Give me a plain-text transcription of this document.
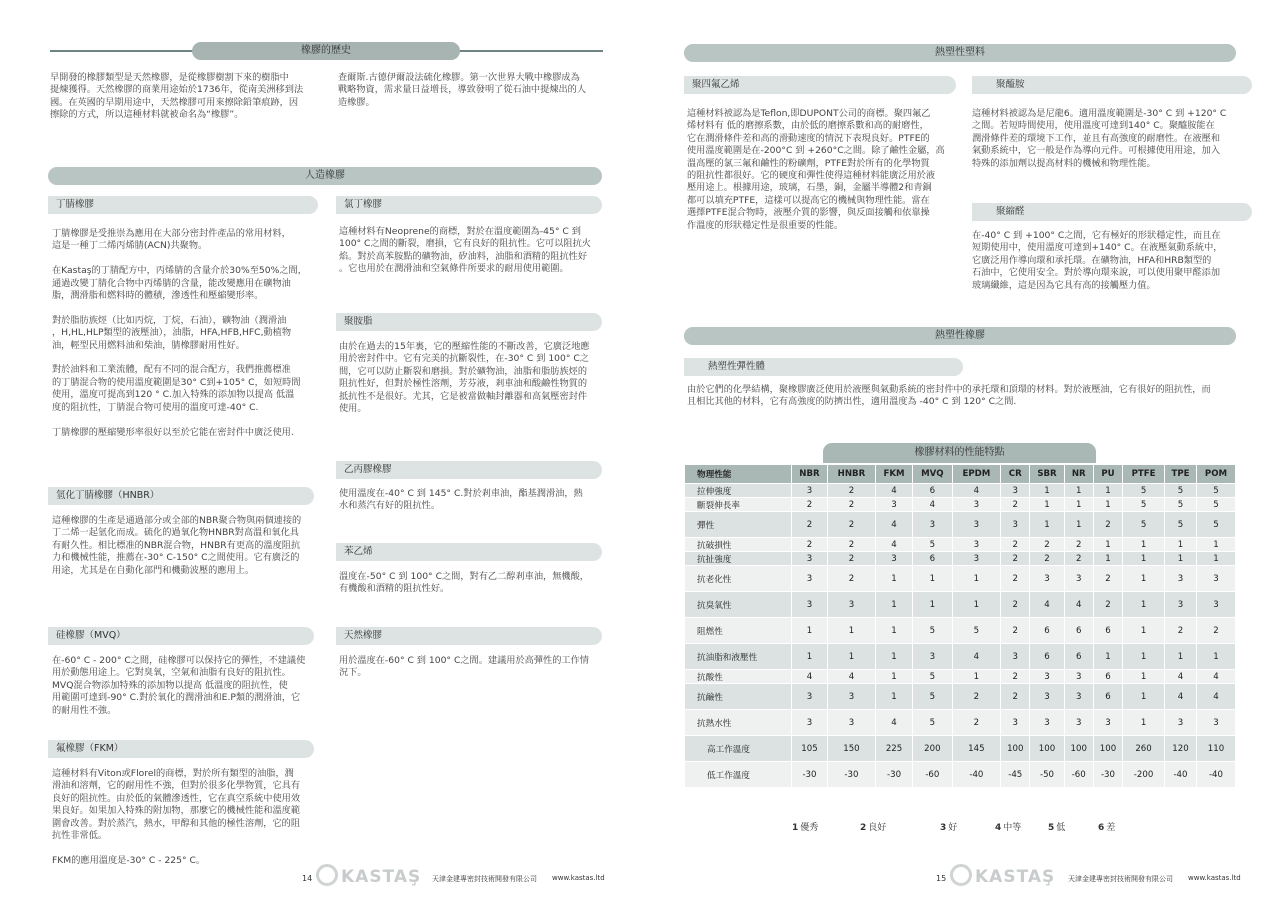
橡膠的歷史
早開發的橡膠類型是天然橡膠，是從橡膠樹割下來的樹脂中
提煉獲得。天然橡膠的商業用途始於1736年，從南美洲移到法
國。在英國的早期用途中，天然橡膠可用來擦除鉛筆痕跡，因
擦除的方式，所以這種材料就被命名為“橡膠”。
查爾斯.古德伊爾設法硫化橡膠。第一次世界大戰中橡膠成為
戰略物資，需求量日益增長，導致發明了從石油中提煉出的人
造橡膠。
人造橡膠
丁腈橡膠
丁腈橡膠是受推崇為應用在大部分密封件產品的常用材料，
這是一種丁二烯丙烯腈(ACN)共聚物。

在Kastaş的丁腈配方中，丙烯腈的含量介於30%至50%之間，
通過改變丁腈化合物中丙烯腈的含量，能改變應用在礦物油
脂，潤滑脂和燃料時的體積，滲透性和壓縮變形率。

對於脂肪族烴（比如丙烷，丁烷，石油），礦物油（潤滑油
，H,HL,HLP類型的液壓油），油脂，HFA,HFB,HFC,動植物
油，輕型民用燃料油和柴油，腈橡膠耐用性好。

對於油料和工業流體，配有不同的混合配方，我們推薦標准
的丁腈混合物的使用溫度範圍是30° C到+105° C，如短時間
使用，溫度可提高到120 ° C.加入特殊的添加物以提高 低溫
度的阻抗性，丁腈混合物可使用的溫度可達-40° C.

丁腈橡膠的壓縮變形率很好以至於它能在密封件中廣泛使用.
氯丁橡膠
這種材料有Neoprene的商標，對於在溫度範圍為-45° C 到
100° C之間的斷裂，磨損，它有良好的阻抗性。它可以阻抗火
焰。對於高苯胺點的礦物油，矽油料，油脂和酒精的阻抗性好
。它也用於在潤滑油和空氣條件所要求的耐用使用範圍。
聚胺脂
由於在過去的15年裏，它的壓縮性能的不斷改善，它廣泛地應
用於密封件中。它有完美的抗斷裂性，在-30° C 到 100° C之
間，它可以防止斷裂和磨損。對於礦物油，油脂和脂肪族烴的
阻抗性好，但對於極性溶劑，芳芬液，剎車油和酸鹼性物質的
抵抗性不是很好。尤其，它是被當做軸封離器和高氣壓密封件
使用。
乙丙膠橡膠
使用溫度在-40° C 到 145° C.對於剎車油，酯基潤滑油，熱
水和蒸汽有好的阻抗性。
氫化丁腈橡膠（HNBR）
這種橡膠的生產是通過部分或全部的NBR聚合物與兩個連接的
丁二烯一起氫化而成。硫化的過氧化物HNBR對高溫和氧化具
有耐久性。相比標准的NBR混合物，HNBR有更高的溫度阻抗
力和機械性能，推薦在-30° C-150° C之間使用。它有廣泛的
用途，尤其是在自動化部門和機動波壓的應用上。
苯乙烯
溫度在-50° C 到 100° C之間，對有乙二醇剎車油，無機酸，
有機酸和酒精的阻抗性好。
硅橡膠（MVQ）
在-60° C - 200° C之間，硅橡膠可以保持它的彈性，不建議使
用於動態用途上。它對臭氧，空氣和油脂有良好的阻抗性。
MVQ混合物添加特殊的添加物以提高 低溫度的阻抗性，使
用範圍可達到-90° C.對於氧化的潤滑油和E.P類的潤滑油，它
的耐用性不強。
天然橡膠
用於溫度在-60° C 到 100° C之間。建議用於高彈性的工作情
況下。
氟橡膠（FKM）
這種材料有Viton或Florel的商標，對於所有類型的油脂，潤
滑油和溶劑，它的耐用性不強，但對於很多化學物質，它具有
良好的阻抗性。由於低的氣體滲透性，它在真空系統中使用效
果良好。如果加入特殊的附加物，那麼它的機械性能和溫度範
圍會改善。對於蒸汽，熱水，甲醇和其他的極性溶劑，它的阻
抗性非常低。

FKM的應用溫度是-30° C - 225° C。
14	KASTAŞ 天津金建專密封技術開發有限公司 www.kastas.ltd
熱塑性塑料
聚四氟乙烯
這種材料被認為是Teflon,即DUPONT公司的商標。聚四氟乙
烯材料有 低的磨擦系數，由於低的磨擦系數和高的耐磨性，
它在潤滑條件差和高的滑動速度的情況下表現良好。PTFE的
使用溫度範圍是在-200°C 到 +260°C之間。除了鹼性金屬，高
溫高壓的氯三氟和鹼性的粉礦劑，PTFE對於所有的化學物質
的阻抗性都很好。它的硬度和彈性使得這種材料能廣泛用於液
壓用途上。根據用途，玻璃，石墨，銅，金屬半導體2和青銅
都可以填充PTFE，這樣可以提高它的機械與物理性能。當在
選擇PTFE混合物時，液壓介質的影響，與反面接觸和依靠操
作溫度的形狀穩定性是很重要的性能。
聚醯胺
這種材料被認為是尼龍6。適用溫度範圍是-30° C 到 +120° C
之間。若短時間使用，使用溫度可達到140° C。聚醯胺能在
潤滑條件差的環境下工作，並且有高強度的耐磨性。在液壓和
氣動系統中，它一般是作為導向元件。可根據使用用途，加入
特殊的添加劑以提高材料的機械和物理性能。
聚縮醛
在-40° C 到 +100° C之間，它有極好的形狀穩定性，而且在
短期使用中，使用溫度可達到+140° C。在液壓氣動系統中，
它廣泛用作導向環和承托環。在礦物油，HFA和HRB類型的
石油中，它使用安全。對於導向環來說，可以使用聚甲醛添加
玻璃纖維，這是因為它具有高的接觸壓力值。
熱塑性橡膠
熱塑性彈性體
由於它們的化學結構，聚橡膠廣泛使用於液壓與氣動系統的密封件中的承托環和頂環的材料。對於液壓油，它有很好的阻抗性，而
且相比其他的材料，它有高強度的防擠出性，適用溫度為 -40° C 到 120° C之間.
橡膠材料的性能特點
物理性能	NBR	HNBR	FKM	MVQ	EPDM	CR	SBR	NR	PU	PTFE	TPE	POM
拉伸強度	3	2	4	6	4	3	1	1	1	5	5	5
斷裂伸長率	2	2	3	4	3	2	1	1	1	5	5	5
彈性	2	2	4	3	3	3	1	1	2	5	5	5
抗破損性	2	2	4	5	3	2	2	2	1	1	1	1
抗扯強度	3	2	3	6	3	2	2	2	1	1	1	1
抗老化性	3	2	1	1	1	2	3	3	2	1	3	3
抗臭氧性	3	3	1	1	1	2	4	4	2	1	3	3
阻燃性	1	1	1	5	5	2	6	6	6	1	2	2
抗油脂和液壓性	1	1	1	3	4	3	6	6	1	1	1	1
抗酸性	4	4	1	5	1	2	3	3	6	1	4	4
抗鹼性	3	3	1	5	2	2	3	3	6	1	4	4
抗熱水性	3	3	4	5	2	3	3	3	3	1	3	3
高工作溫度	105	150	225	200	145	100	100	100	100	260	120	110
低工作溫度	-30	-30	-30	-60	-40	-45	-50	-60	-30	-200	-40	-40
1 優秀	2 良好	3 好	4 中等	5 低	6 差
15	KASTAŞ 天津金建專密封技術開發有限公司 www.kastas.ltd
